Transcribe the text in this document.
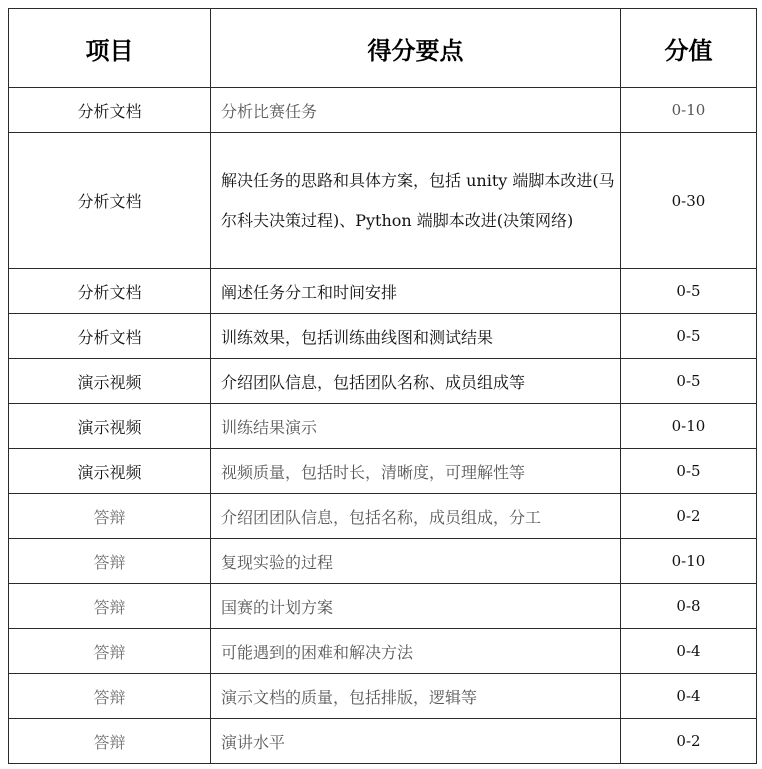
项目	得分要点	分值
分析文档	分析比赛任务	0-10
分析文档	解决任务的思路和具体方案，包括 unity 端脚本改进(马尔科夫决策过程)、Python 端脚本改进(决策网络)	0-30
分析文档	阐述任务分工和时间安排	0-5
分析文档	训练效果，包括训练曲线图和测试结果	0-5
演示视频	介绍团队信息，包括团队名称、成员组成等	0-5
演示视频	训练结果演示	0-10
演示视频	视频质量，包括时长，清晰度，可理解性等	0-5
答辩	介绍团团队信息，包括名称，成员组成，分工	0-2
答辩	复现实验的过程	0-10
答辩	国赛的计划方案	0-8
答辩	可能遇到的困难和解决方法	0-4
答辩	演示文档的质量，包括排版，逻辑等	0-4
答辩	演讲水平	0-2
